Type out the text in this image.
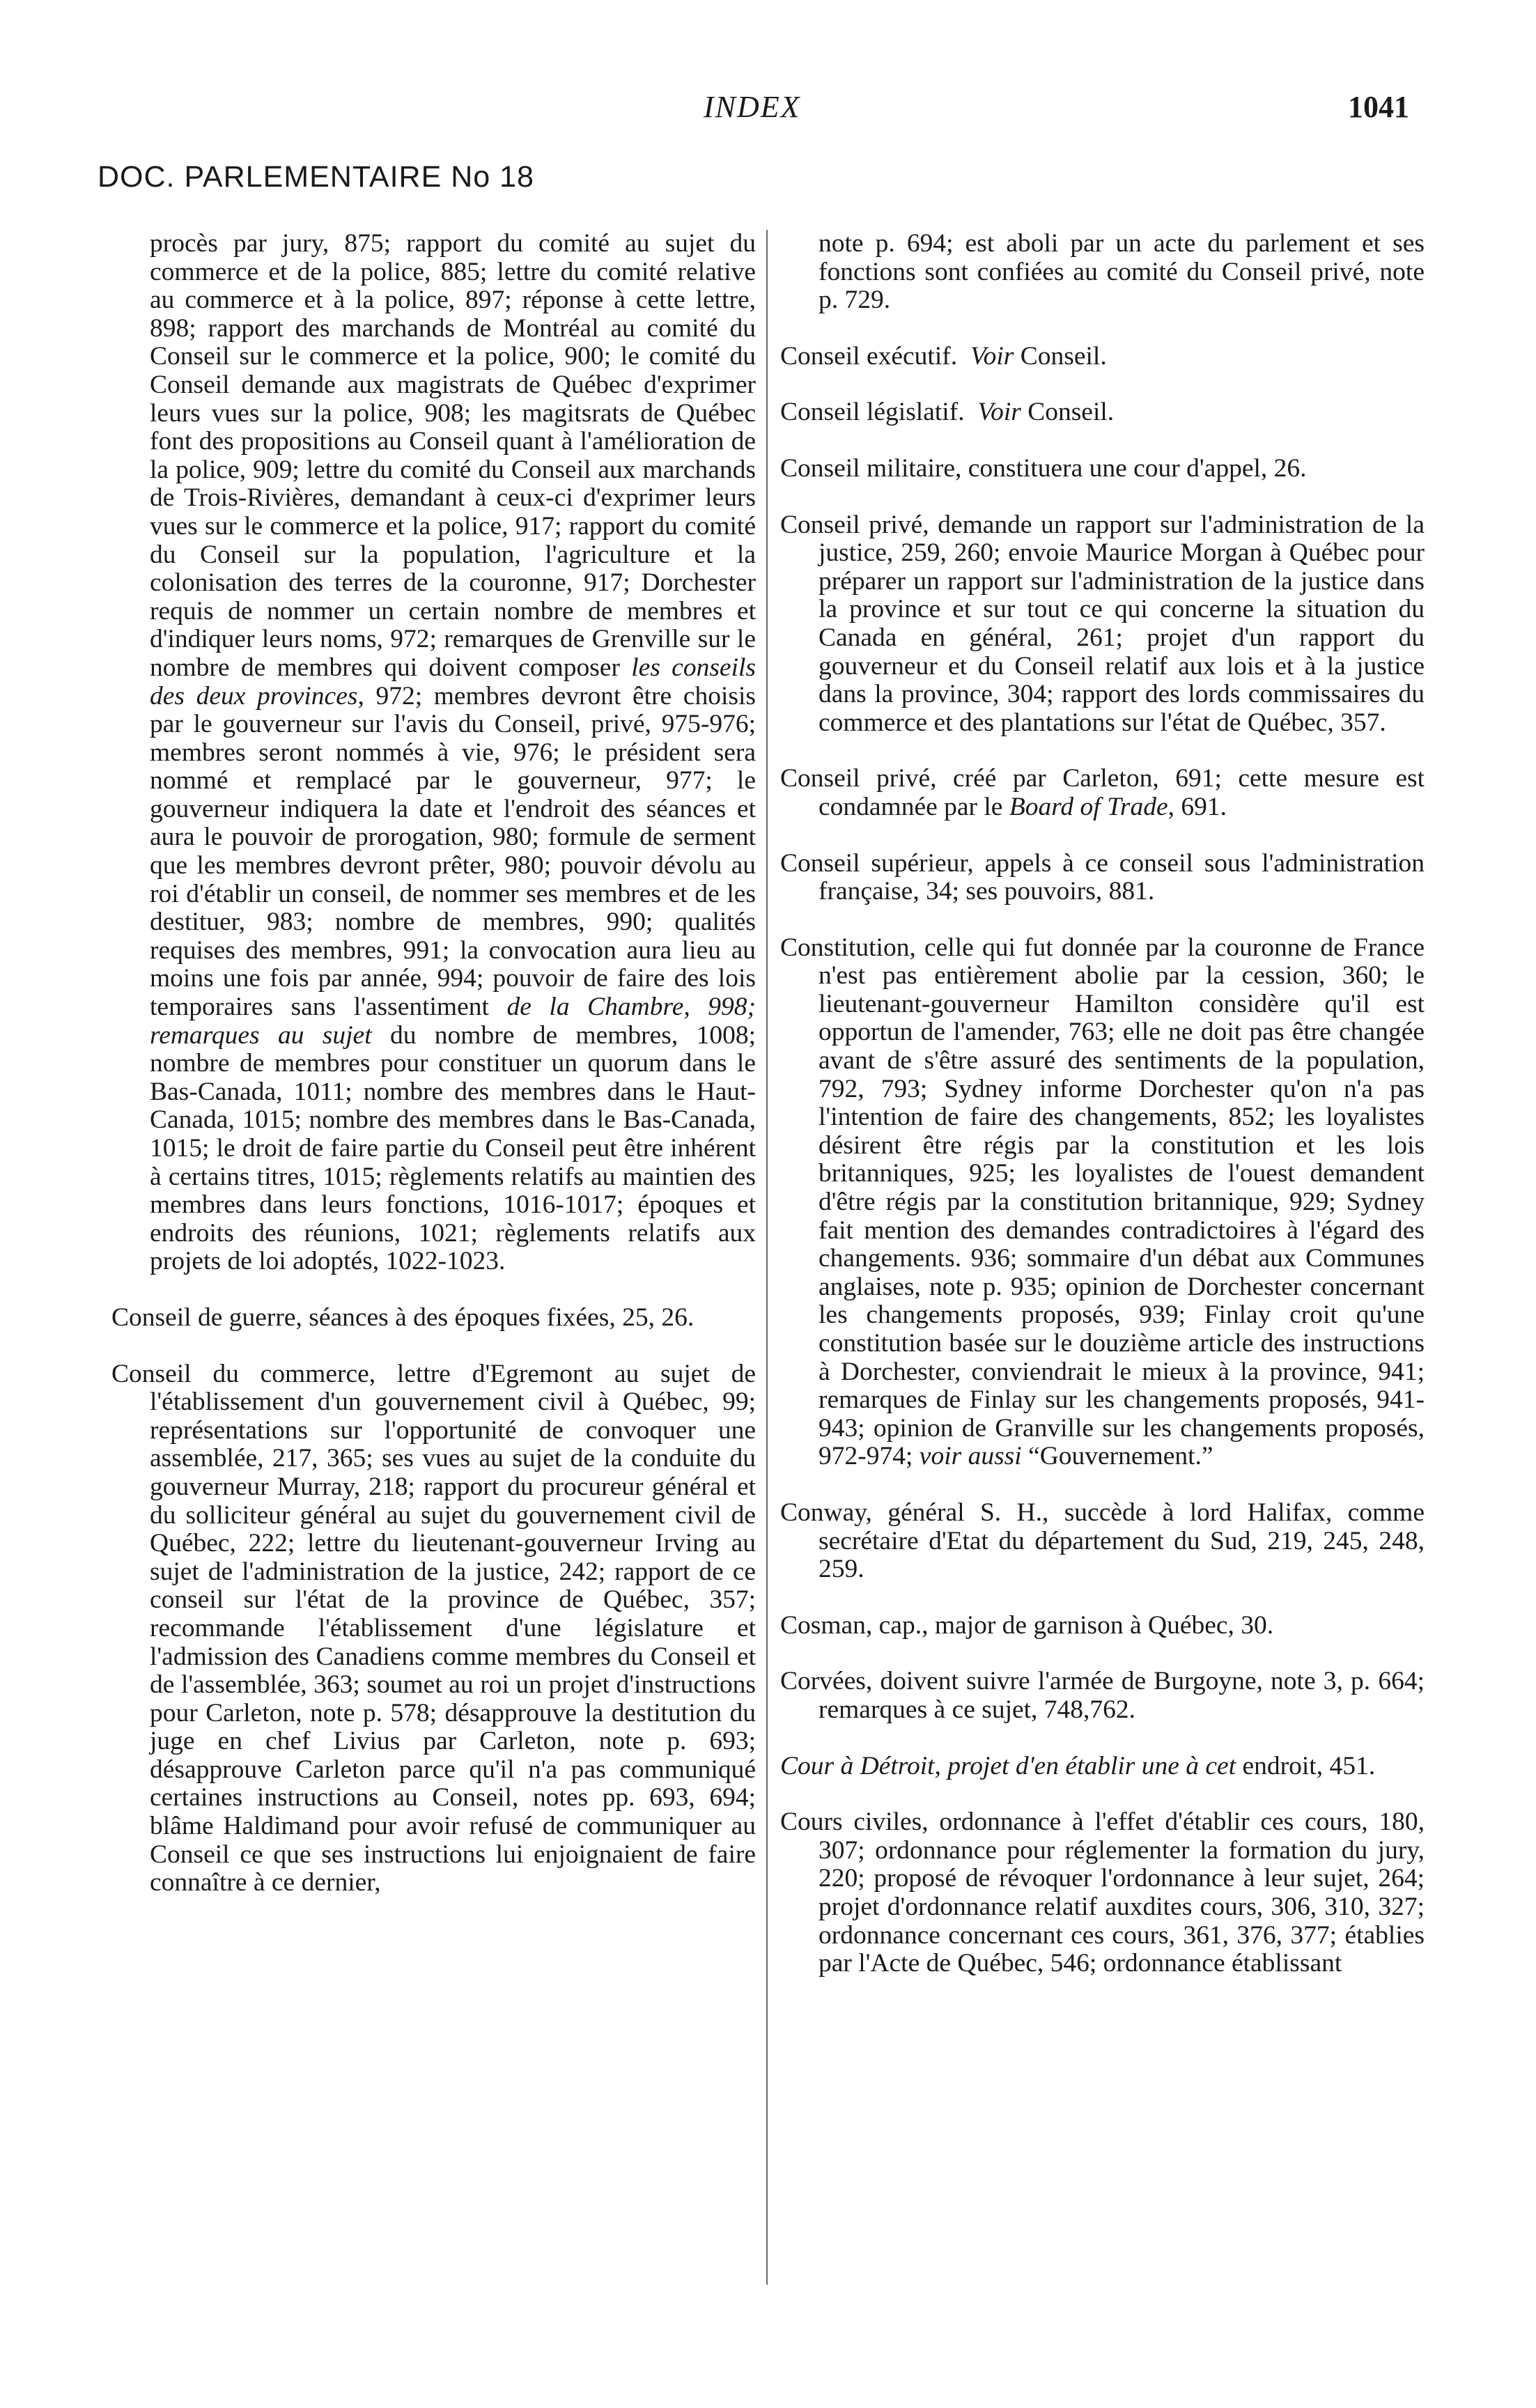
INDEX	1041
DOC. PARLEMENTAIRE No 18

procès par jury, 875; rapport du comité au sujet du commerce et de la police, 885; lettre du comité relative au commerce et à la police, 897; réponse à cette lettre, 898; rapport des marchands de Montréal au comité du Conseil sur le commerce et la police, 900; le comité du Conseil demande aux magistrats de Québec d'exprimer leurs vues sur la police, 908; les magitsrats de Québec font des propositions au Conseil quant à l'amélioration de la police, 909; lettre du comité du Conseil aux marchands de Trois-Rivières, demandant à ceux-ci d'exprimer leurs vues sur le commerce et la police, 917; rapport du comité du Conseil sur la population, l'agriculture et la colonisation des terres de la couronne, 917; Dorchester requis de nommer un certain nombre de membres et d'indiquer leurs noms, 972; remarques de Grenville sur le nombre de membres qui doivent composer les conseils des deux provinces, 972; membres devront être choisis par le gouverneur sur l'avis du Conseil, privé, 975-976; membres seront nommés à vie, 976; le président sera nommé et remplacé par le gouverneur, 977; le gouverneur indiquera la date et l'endroit des séances et aura le pouvoir de prorogation, 980; formule de serment que les membres devront prêter, 980; pouvoir dévolu au roi d'établir un conseil, de nommer ses membres et de les destituer, 983; nombre de membres, 990; qualités requises des membres, 991; la convocation aura lieu au moins une fois par année, 994; pouvoir de faire des lois temporaires sans l'assentiment de la Chambre, 998; remarques au sujet du nombre de membres, 1008; nombre de membres pour constituer un quorum dans le Bas-Canada, 1011; nombre des membres dans le Haut-Canada, 1015; nombre des membres dans le Bas-Canada, 1015; le droit de faire partie du Conseil peut être inhérent à certains titres, 1015; règlements relatifs au maintien des membres dans leurs fonctions, 1016-1017; époques et endroits des réunions, 1021; règlements relatifs aux projets de loi adoptés, 1022-1023.

Conseil de guerre, séances à des époques fixées, 25, 26.

Conseil du commerce, lettre d'Egremont au sujet de l'établissement d'un gouvernement civil à Québec, 99; représentations sur l'opportunité de convoquer une assemblée, 217, 365; ses vues au sujet de la conduite du gouverneur Murray, 218; rapport du procureur général et du solliciteur général au sujet du gouvernement civil de Québec, 222; lettre du lieutenant-gouverneur Irving au sujet de l'administration de la justice, 242; rapport de ce conseil sur l'état de la province de Québec, 357; recommande l'établissement d'une législature et l'admission des Canadiens comme membres du Conseil et de l'assemblée, 363; soumet au roi un projet d'instructions pour Carleton, note p. 578; désapprouve la destitution du juge en chef Livius par Carleton, note p. 693; désapprouve Carleton parce qu'il n'a pas communiqué certaines instructions au Conseil, notes pp. 693, 694; blâme Haldimand pour avoir refusé de communiquer au Conseil ce que ses instructions lui enjoignaient de faire connaître à ce dernier,

note p. 694; est aboli par un acte du parlement et ses fonctions sont confiées au comité du Conseil privé, note p. 729.

Conseil exécutif. Voir Conseil.

Conseil législatif. Voir Conseil.

Conseil militaire, constituera une cour d'appel, 26.

Conseil privé, demande un rapport sur l'administration de la justice, 259, 260; envoie Maurice Morgan à Québec pour préparer un rapport sur l'administration de la justice dans la province et sur tout ce qui concerne la situation du Canada en général, 261; projet d'un rapport du gouverneur et du Conseil relatif aux lois et à la justice dans la province, 304; rapport des lords commissaires du commerce et des plantations sur l'état de Québec, 357.

Conseil privé, créé par Carleton, 691; cette mesure est condamnée par le Board of Trade, 691.

Conseil supérieur, appels à ce conseil sous l'administration française, 34; ses pouvoirs, 881.

Constitution, celle qui fut donnée par la couronne de France n'est pas entièrement abolie par la cession, 360; le lieutenant-gouverneur Hamilton considère qu'il est opportun de l'amender, 763; elle ne doit pas être changée avant de s'être assuré des sentiments de la population, 792, 793; Sydney informe Dorchester qu'on n'a pas l'intention de faire des changements, 852; les loyalistes désirent être régis par la constitution et les lois britanniques, 925; les loyalistes de l'ouest demandent d'être régis par la constitution britannique, 929; Sydney fait mention des demandes contradictoires à l'égard des changements. 936; sommaire d'un débat aux Communes anglaises, note p. 935; opinion de Dorchester concernant les changements proposés, 939; Finlay croit qu'une constitution basée sur le douzième article des instructions à Dorchester, conviendrait le mieux à la province, 941; remarques de Finlay sur les changements proposés, 941-943; opinion de Granville sur les changements proposés, 972-974; voir aussi “Gouvernement.”

Conway, général S. H., succède à lord Halifax, comme secrétaire d'Etat du département du Sud, 219, 245, 248, 259.

Cosman, cap., major de garnison à Québec, 30.

Corvées, doivent suivre l'armée de Burgoyne, note 3, p. 664; remarques à ce sujet, 748,762.

Cour à Détroit, projet d'en établir une à cet endroit, 451.

Cours civiles, ordonnance à l'effet d'établir ces cours, 180, 307; ordonnance pour réglementer la formation du jury, 220; proposé de révoquer l'ordonnance à leur sujet, 264; projet d'ordonnance relatif auxdites cours, 306, 310, 327; ordonnance concernant ces cours, 361, 376, 377; établies par l'Acte de Québec, 546; ordonnance établissant
